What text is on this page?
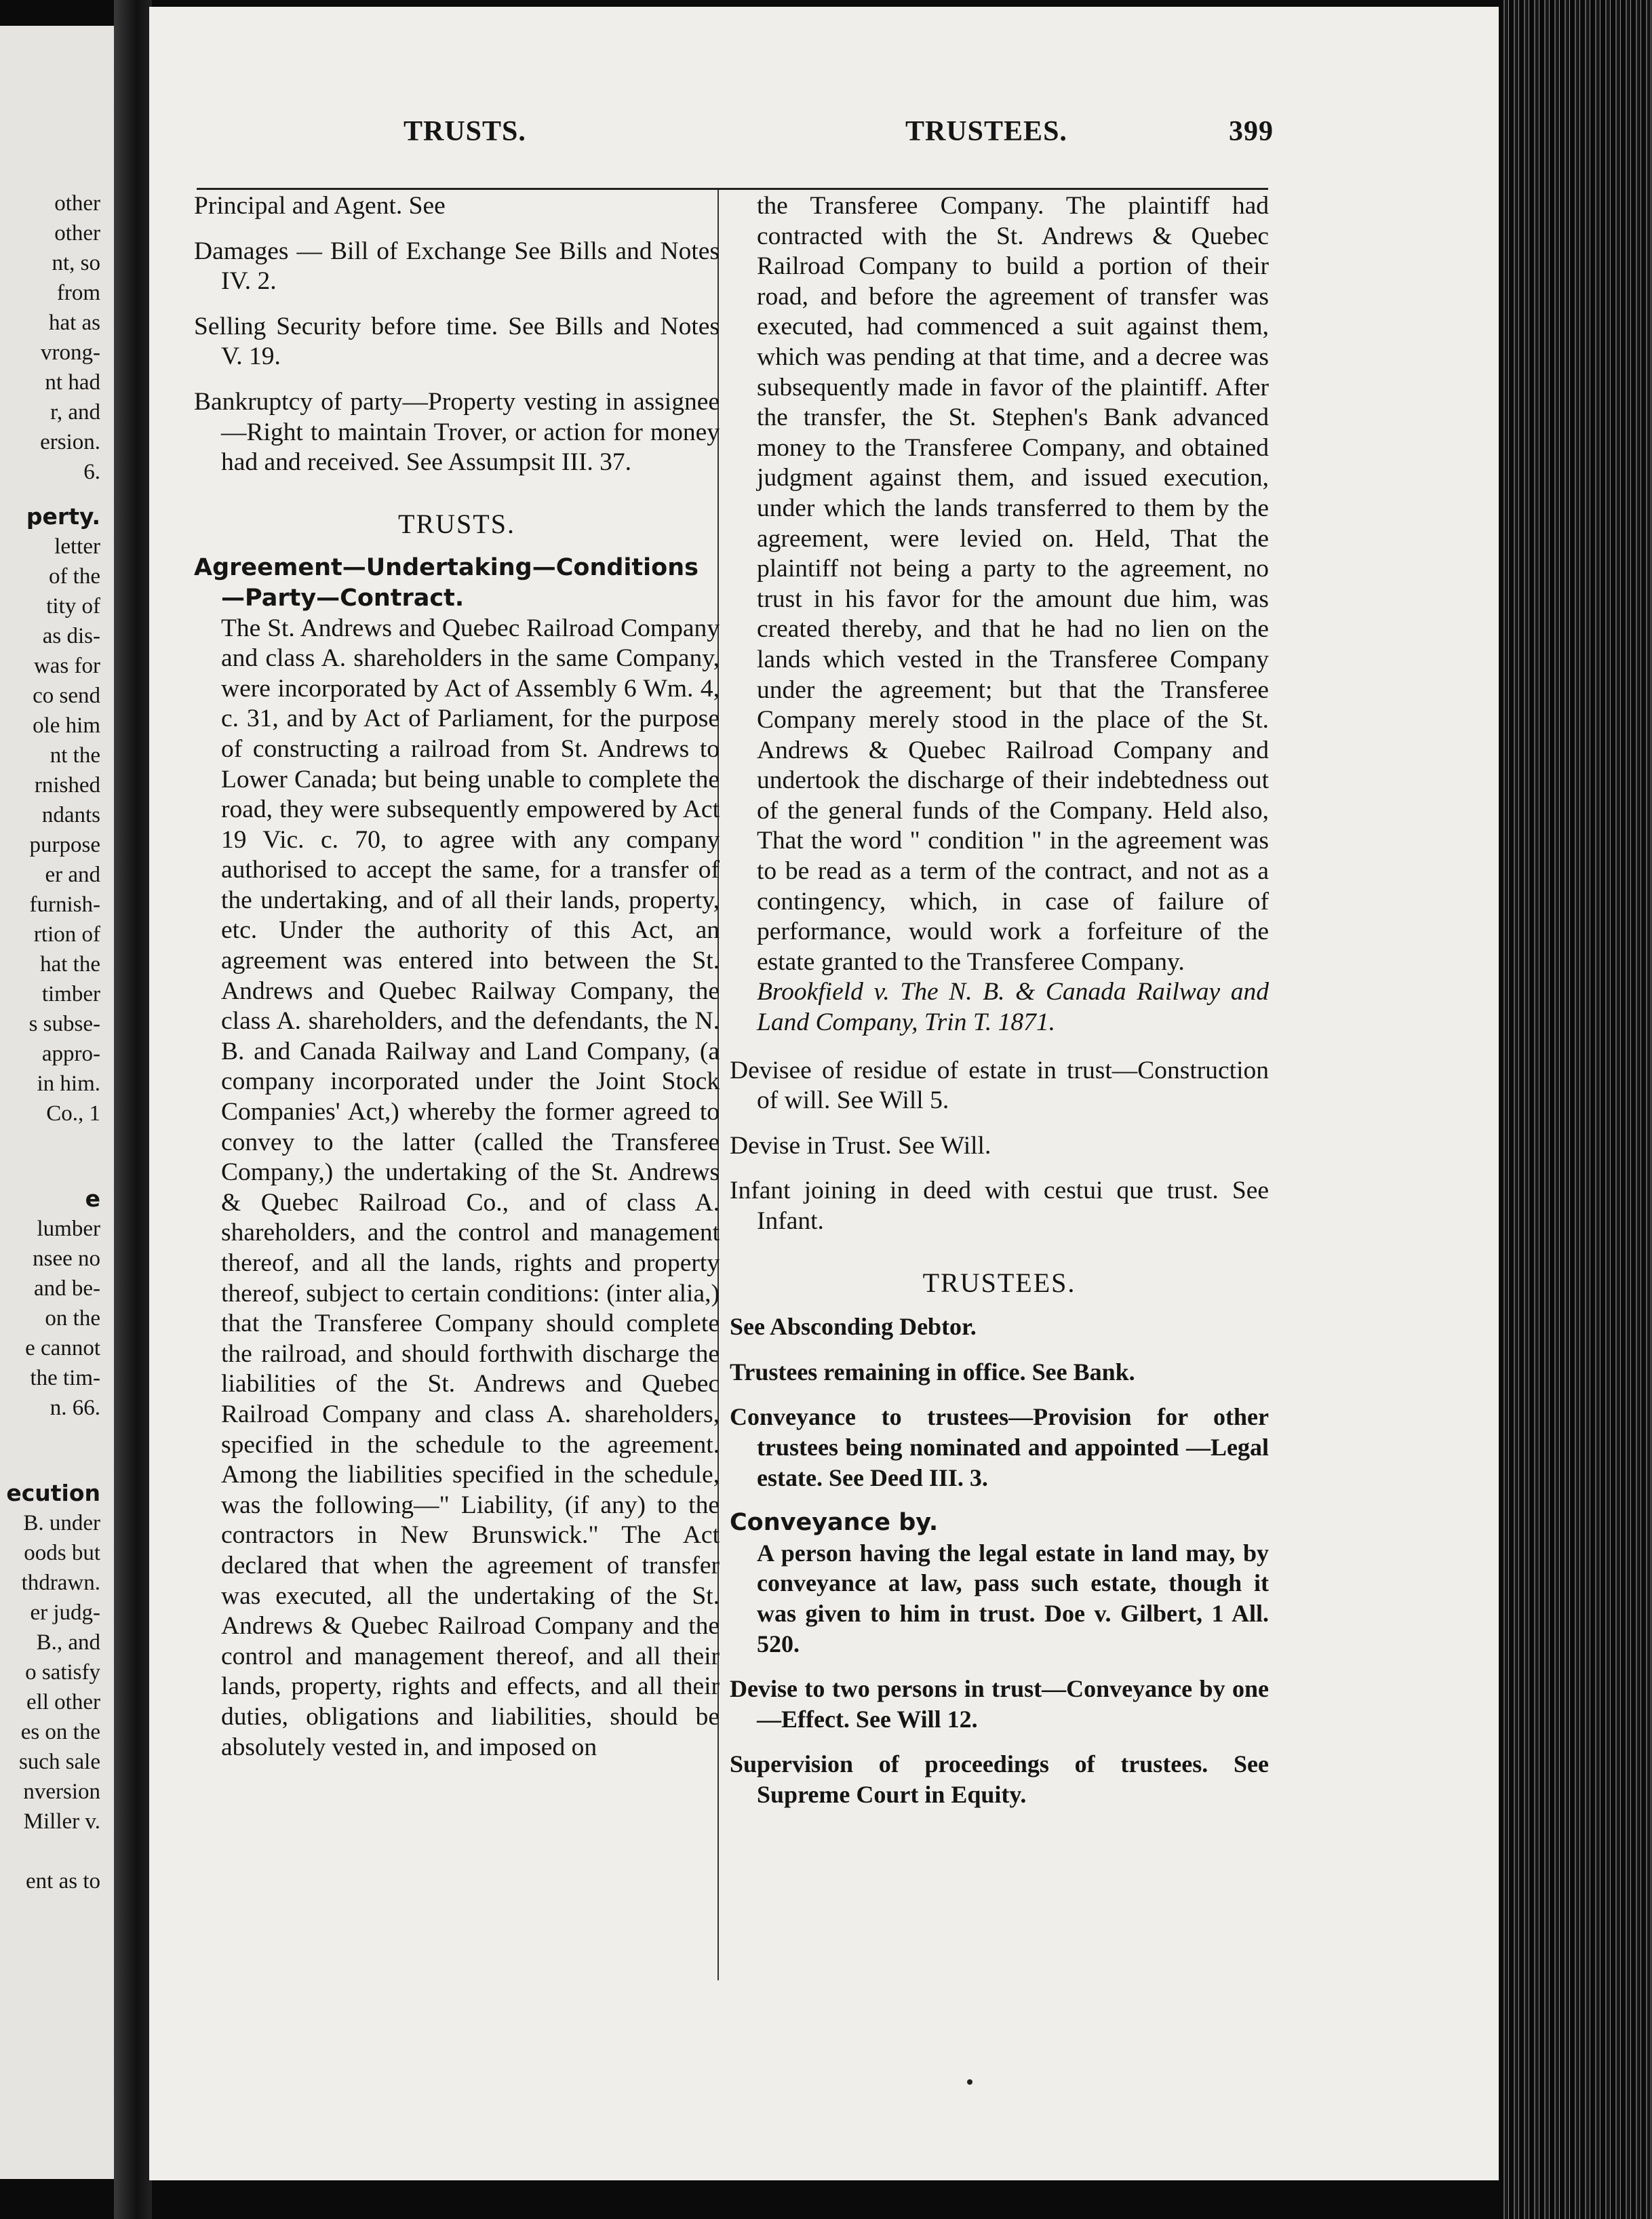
other
other
nt, so
from
hat as
vrong-
nt had
r, and
ersion.
6.
perty.
letter
of the
tity of
as dis-
was for
co send
ole him
nt the
rnished
ndants
purpose
er and
furnish-
rtion of
hat the
timber
s subse-
appro-
in him.
Co., 1
e
lumber
nsee no
and be-
on the
e cannot
the tim-
n. 66.
ecution
B. under
oods but
thdrawn.
er judg-
B., and
o satisfy
ell other
es on the
such sale
nversion
Miller v.
ent as to
TRUSTS.	TRUSTEES.	399

Principal and Agent. See

Damages — Bill of Exchange See Bills and Notes IV. 2.

Selling Security before time. See Bills and Notes V. 19.

Bankruptcy of party—Property vesting in assignee—Right to maintain Trover, or action for money had and received. See Assumpsit III. 37.

TRUSTS.

Agreement—Undertaking—Conditions —Party—Contract.

The St. Andrews and Quebec Railroad Company and class A. shareholders in the same Company, were incorporated by Act of Assembly 6 Wm. 4, c. 31, and by Act of Parliament, for the purpose of constructing a railroad from St. Andrews to Lower Canada; but being unable to complete the road, they were subsequently empowered by Act 19 Vic. c. 70, to agree with any company authorised to accept the same, for a transfer of the undertaking, and of all their lands, property, etc. Under the authority of this Act, an agreement was entered into between the St. Andrews and Quebec Railway Company, the class A. shareholders, and the defendants, the N. B. and Canada Railway and Land Company, (a company incorporated under the Joint Stock Companies' Act,) whereby the former agreed to convey to the latter (called the Transferee Company,) the undertaking of the St. Andrews & Quebec Railroad Co., and of class A. shareholders, and the control and management thereof, and all the lands, rights and property thereof, subject to certain conditions: (inter alia,) that the Transferee Company should complete the railroad, and should forthwith discharge the liabilities of the St. Andrews and Quebec Railroad Company and class A. shareholders, specified in the schedule to the agreement. Among the liabilities specified in the schedule, was the following—" Liability, (if any) to the contractors in New Brunswick." The Act declared that when the agreement of transfer was executed, all the undertaking of the St. Andrews & Quebec Railroad Company and the control and management thereof, and all their lands, property, rights and effects, and all their duties, obligations and liabilities, should be absolutely vested in, and imposed on

the Transferee Company. The plaintiff had contracted with the St. Andrews & Quebec Railroad Company to build a portion of their road, and before the agreement of transfer was executed, had commenced a suit against them, which was pending at that time, and a decree was subsequently made in favor of the plaintiff. After the transfer, the St. Stephen's Bank advanced money to the Transferee Company, and obtained judgment against them, and issued execution, under which the lands transferred to them by the agreement, were levied on. Held, That the plaintiff not being a party to the agreement, no trust in his favor for the amount due him, was created thereby, and that he had no lien on the lands which vested in the Transferee Company under the agreement; but that the Transferee Company merely stood in the place of the St. Andrews & Quebec Railroad Company and undertook the discharge of their indebtedness out of the general funds of the Company. Held also, That the word " condition " in the agreement was to be read as a term of the contract, and not as a contingency, which, in case of failure of performance, would work a forfeiture of the estate granted to the Transferee Company.

Brookfield v. The N. B. & Canada Railway and Land Company, Trin T. 1871.

Devisee of residue of estate in trust—Construction of will. See Will 5.

Devise in Trust. See Will.

Infant joining in deed with cestui que trust. See Infant.

TRUSTEES.

See Absconding Debtor.

Trustees remaining in office. See Bank.

Conveyance to trustees—Provision for other trustees being nominated and appointed —Legal estate. See Deed III. 3.

Conveyance by.

A person having the legal estate in land may, by conveyance at law, pass such estate, though it was given to him in trust. Doe v. Gilbert, 1 All. 520.

Devise to two persons in trust—Conveyance by one—Effect. See Will 12.

Supervision of proceedings of trustees. See Supreme Court in Equity.
